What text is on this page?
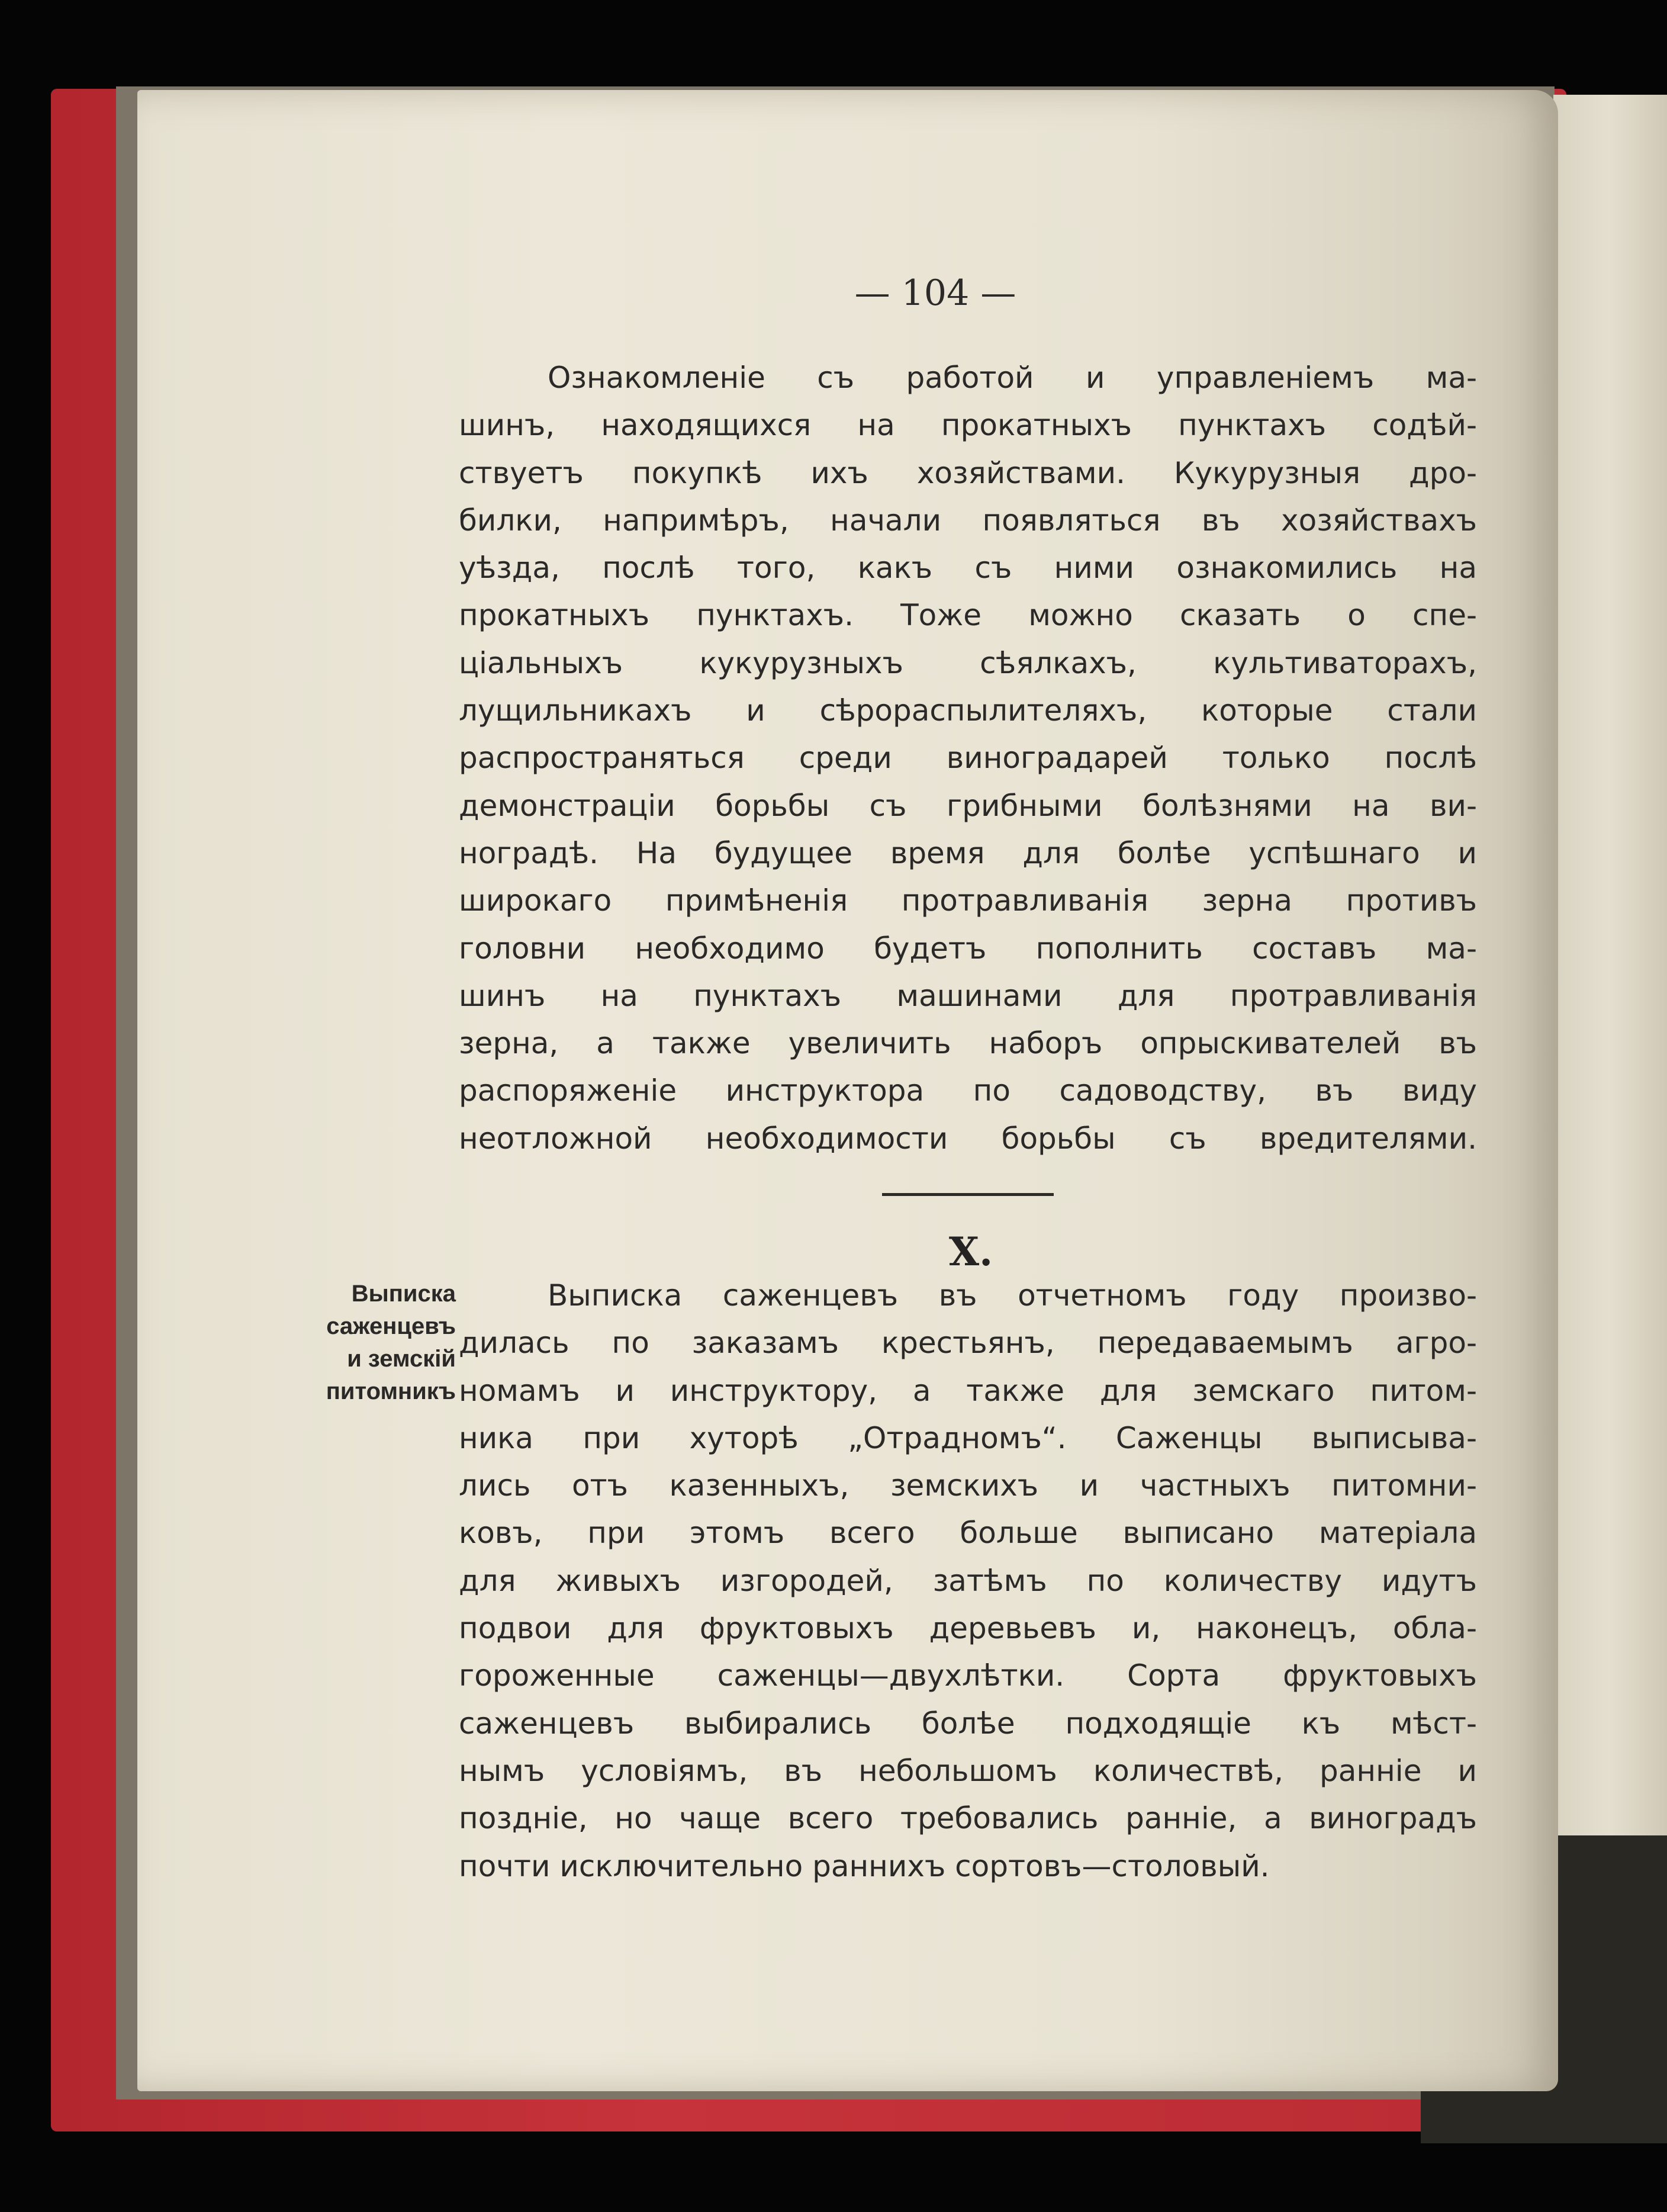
— 104 —
Ознакомленіе съ работой и управленіемъ ма-
шинъ, находящихся на прокатныхъ пунктахъ содѣй-
ствуетъ покупкѣ ихъ хозяйствами. Кукурузныя дро-
билки, напримѣръ, начали появляться въ хозяйствахъ
уѣзда, послѣ того, какъ съ ними ознакомились на
прокатныхъ пунктахъ. Тоже можно сказать о спе-
ціальныхъ кукурузныхъ сѣялкахъ, культиваторахъ,
лущильникахъ и сѣрораспылителяхъ, которые стали
распространяться среди виноградарей только послѣ
демонстраціи борьбы съ грибными болѣзнями на ви-
ноградѣ. На будущее время для болѣе успѣшнаго и
широкаго примѣненія протравливанія зерна противъ
головни необходимо будетъ пополнить составъ ма-
шинъ на пунктахъ машинами для протравливанія
зерна, а также увеличить наборъ опрыскивателей въ
распоряженіе инструктора по садоводству, въ виду
неотложной необходимости борьбы съ вредителями.
X.
Выписка
саженцевъ
и земскій
питомникъ
Выписка саженцевъ въ отчетномъ году произво-
дилась по заказамъ крестьянъ, передаваемымъ агро-
номамъ и инструктору, а также для земскаго питом-
ника при хуторѣ „Отрадномъ“. Саженцы выписыва-
лись отъ казенныхъ, земскихъ и частныхъ питомни-
ковъ, при этомъ всего больше выписано матеріала
для живыхъ изгородей, затѣмъ по количеству идутъ
подвои для фруктовыхъ деревьевъ и, наконецъ, обла-
гороженные саженцы—двухлѣтки. Сорта фруктовыхъ
саженцевъ выбирались болѣе подходящіе къ мѣст-
нымъ условіямъ, въ небольшомъ количествѣ, ранніе и
поздніе, но чаще всего требовались ранніе, а виноградъ
почти исключительно раннихъ сортовъ—столовый.
